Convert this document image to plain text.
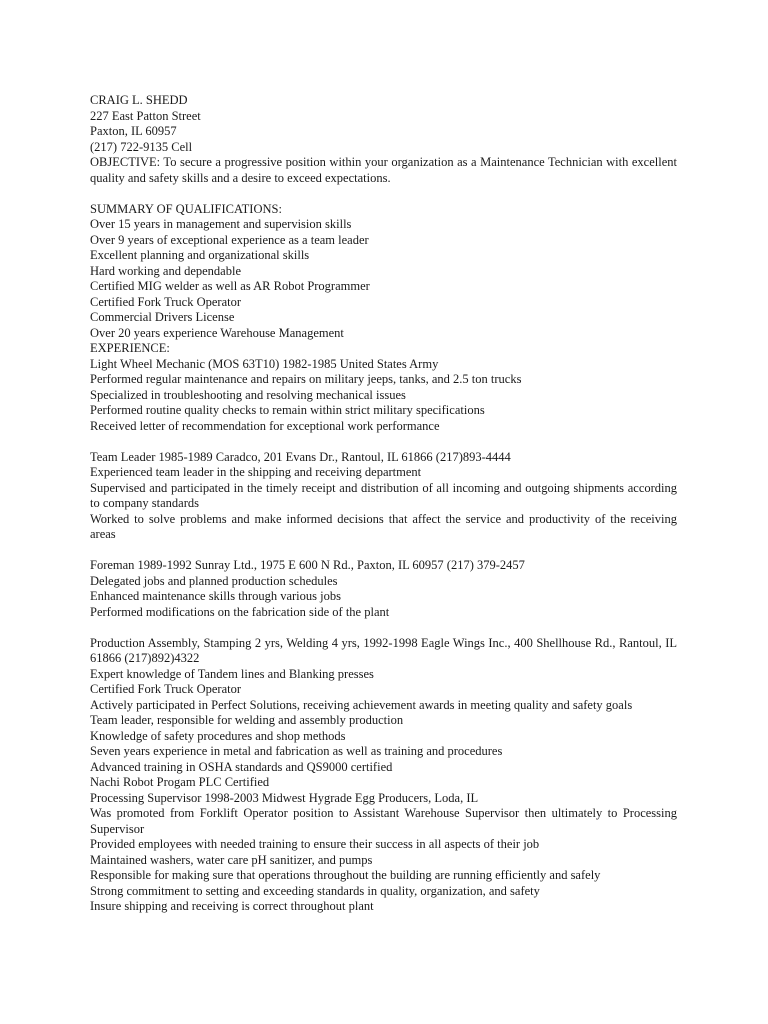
CRAIG L. SHEDD
227 East Patton Street
Paxton, IL 60957
(217) 722-9135 Cell
OBJECTIVE: To secure a progressive position within your organization as a Maintenance Technician with excellent quality and safety skills and a desire to exceed expectations.
SUMMARY OF QUALIFICATIONS:
Over 15 years in management and supervision skills
Over 9 years of exceptional experience as a team leader
Excellent planning and organizational skills
Hard working and dependable
Certified MIG welder as well as AR Robot Programmer
Certified Fork Truck Operator
Commercial Drivers License
Over 20 years experience Warehouse Management
EXPERIENCE:
Light Wheel Mechanic (MOS 63T10) 1982-1985 United States Army
Performed regular maintenance and repairs on military jeeps, tanks, and 2.5 ton trucks
Specialized in troubleshooting and resolving mechanical issues
Performed routine quality checks to remain within strict military specifications
Received letter of recommendation for exceptional work performance
Team Leader 1985-1989 Caradco, 201 Evans Dr., Rantoul, IL 61866 (217)893-4444
Experienced team leader in the shipping and receiving department
Supervised and participated in the timely receipt and distribution of all incoming and outgoing shipments according to company standards
Worked to solve problems and make informed decisions that affect the service and productivity of the receiving areas
Foreman 1989-1992 Sunray Ltd., 1975 E 600 N Rd., Paxton, IL 60957 (217) 379-2457
Delegated jobs and planned production schedules
Enhanced maintenance skills through various jobs
Performed modifications on the fabrication side of the plant
Production Assembly, Stamping 2 yrs, Welding 4 yrs, 1992-1998 Eagle Wings Inc., 400 Shellhouse Rd., Rantoul, IL 61866 (217)892)4322
Expert knowledge of Tandem lines and Blanking presses
Certified Fork Truck Operator
Actively participated in Perfect Solutions, receiving achievement awards in meeting quality and safety goals
Team leader, responsible for welding and assembly production
Knowledge of safety procedures and shop methods
Seven years experience in metal and fabrication as well as training and procedures
Advanced training in OSHA standards and QS9000 certified
Nachi Robot Progam PLC Certified
Processing Supervisor 1998-2003 Midwest Hygrade Egg Producers, Loda, IL
Was promoted from Forklift Operator position to Assistant Warehouse Supervisor then ultimately to Processing Supervisor
Provided employees with needed training to ensure their success in all aspects of their job
Maintained washers, water care pH sanitizer, and pumps
Responsible for making sure that operations throughout the building are running efficiently and safely
Strong commitment to setting and exceeding standards in quality, organization, and safety
Insure shipping and receiving is correct throughout plant
